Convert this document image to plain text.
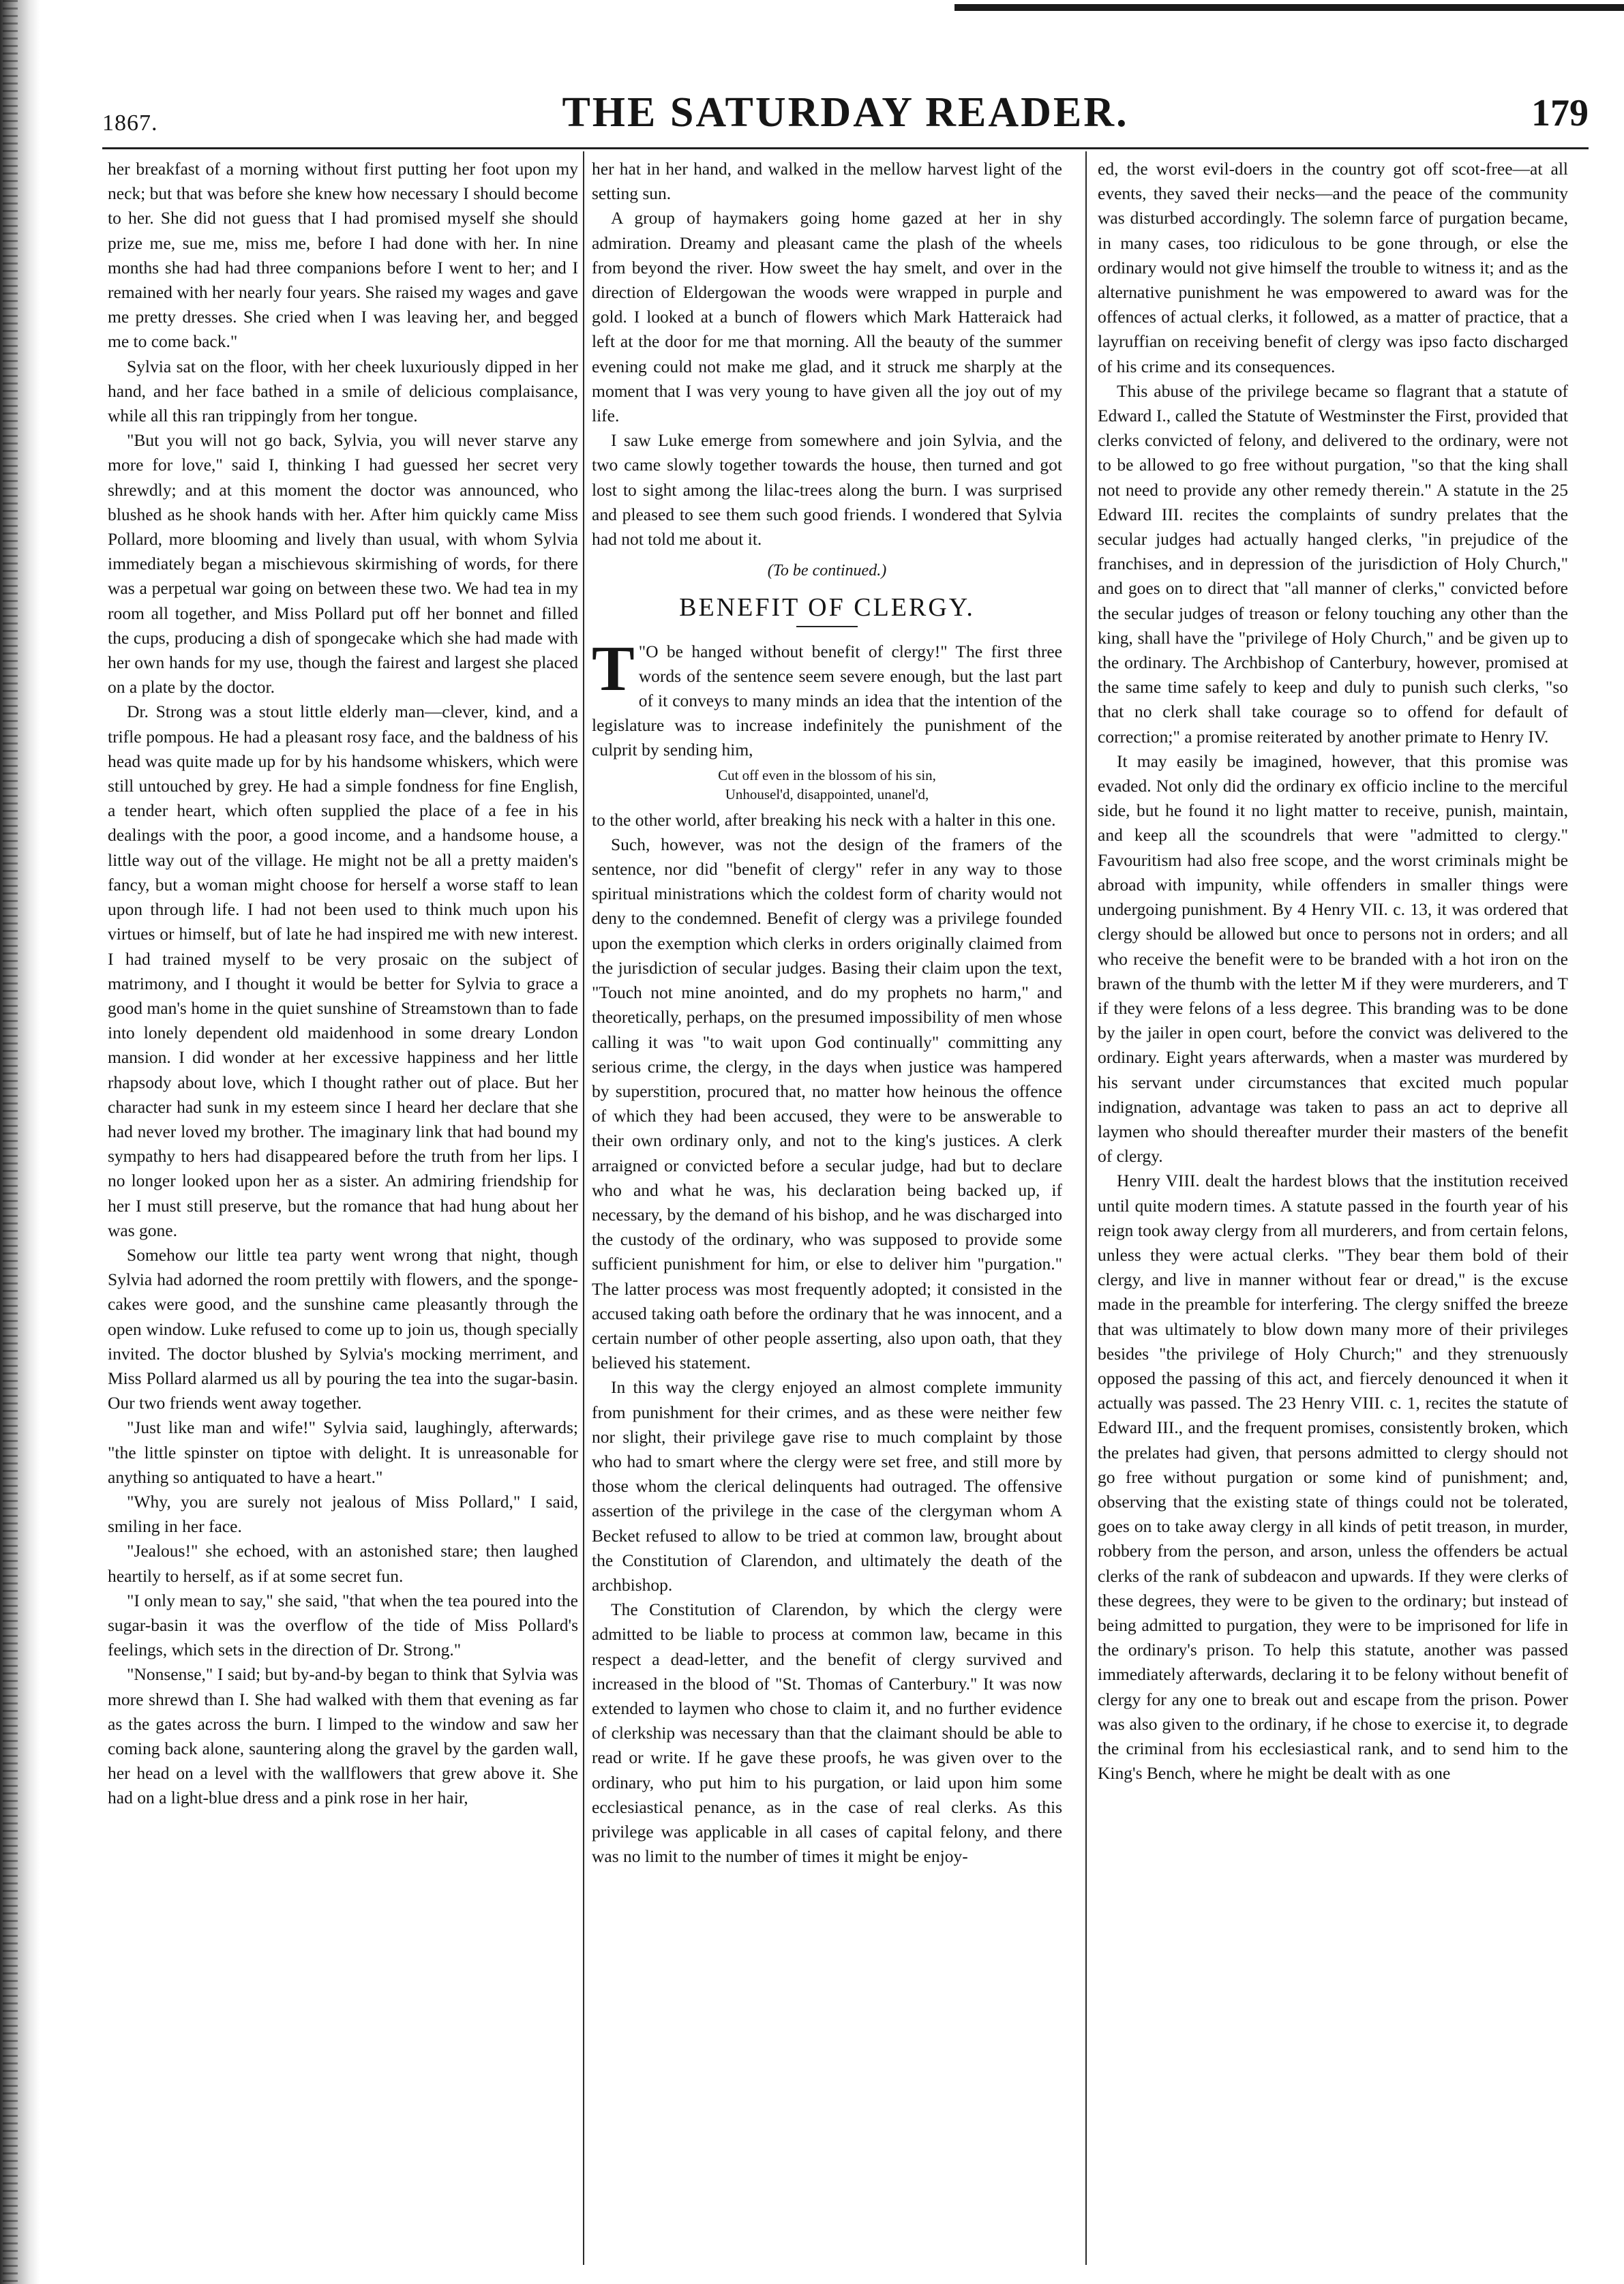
1867.	THE SATURDAY READER.	179

her breakfast of a morning without first putting her foot upon my neck; but that was before she knew how necessary I should become to her. She did not guess that I had promised myself she should prize me, sue me, miss me, before I had done with her. In nine months she had had three companions before I went to her; and I remained with her nearly four years. She raised my wages and gave me pretty dresses. She cried when I was leaving her, and begged me to come back."

Sylvia sat on the floor, with her cheek luxuriously dipped in her hand, and her face bathed in a smile of delicious complaisance, while all this ran trippingly from her tongue.

"But you will not go back, Sylvia, you will never starve any more for love," said I, thinking I had guessed her secret very shrewdly; and at this moment the doctor was announced, who blushed as he shook hands with her. After him quickly came Miss Pollard, more blooming and lively than usual, with whom Sylvia immediately began a mischievous skirmishing of words, for there was a perpetual war going on between these two. We had tea in my room all together, and Miss Pollard put off her bonnet and filled the cups, producing a dish of spongecake which she had made with her own hands for my use, though the fairest and largest she placed on a plate by the doctor.

Dr. Strong was a stout little elderly man—clever, kind, and a trifle pompous. He had a pleasant rosy face, and the baldness of his head was quite made up for by his handsome whiskers, which were still untouched by grey. He had a simple fondness for fine English, a tender heart, which often supplied the place of a fee in his dealings with the poor, a good income, and a handsome house, a little way out of the village. He might not be all a pretty maiden's fancy, but a woman might choose for herself a worse staff to lean upon through life. I had not been used to think much upon his virtues or himself, but of late he had inspired me with new interest. I had trained myself to be very prosaic on the subject of matrimony, and I thought it would be better for Sylvia to grace a good man's home in the quiet sunshine of Streamstown than to fade into lonely dependent old maidenhood in some dreary London mansion. I did wonder at her excessive happiness and her little rhapsody about love, which I thought rather out of place. But her character had sunk in my esteem since I heard her declare that she had never loved my brother. The imaginary link that had bound my sympathy to hers had disappeared before the truth from her lips. I no longer looked upon her as a sister. An admiring friendship for her I must still preserve, but the romance that had hung about her was gone.

Somehow our little tea party went wrong that night, though Sylvia had adorned the room prettily with flowers, and the sponge-cakes were good, and the sunshine came pleasantly through the open window. Luke refused to come up to join us, though specially invited. The doctor blushed by Sylvia's mocking merriment, and Miss Pollard alarmed us all by pouring the tea into the sugar-basin. Our two friends went away together.

"Just like man and wife!" Sylvia said, laughingly, afterwards; "the little spinster on tiptoe with delight. It is unreasonable for anything so antiquated to have a heart."

"Why, you are surely not jealous of Miss Pollard," I said, smiling in her face.

"Jealous!" she echoed, with an astonished stare; then laughed heartily to herself, as if at some secret fun.

"I only mean to say," she said, "that when the tea poured into the sugar-basin it was the overflow of the tide of Miss Pollard's feelings, which sets in the direction of Dr. Strong."

"Nonsense," I said; but by-and-by began to think that Sylvia was more shrewd than I. She had walked with them that evening as far as the gates across the burn. I limped to the window and saw her coming back alone, sauntering along the gravel by the garden wall, her head on a level with the wallflowers that grew above it. She had on a light-blue dress and a pink rose in her hair,

her hat in her hand, and walked in the mellow harvest light of the setting sun.

A group of haymakers going home gazed at her in shy admiration. Dreamy and pleasant came the plash of the wheels from beyond the river. How sweet the hay smelt, and over in the direction of Eldergowan the woods were wrapped in purple and gold. I looked at a bunch of flowers which Mark Hatteraick had left at the door for me that morning. All the beauty of the summer evening could not make me glad, and it struck me sharply at the moment that I was very young to have given all the joy out of my life.

I saw Luke emerge from somewhere and join Sylvia, and the two came slowly together towards the house, then turned and got lost to sight among the lilac-trees along the burn. I was surprised and pleased to see them such good friends. I wondered that Sylvia had not told me about it.

(To be continued.)
BENEFIT OF CLERGY.

T "O be hanged without benefit of clergy!" The first three words of the sentence seem severe enough, but the last part of it conveys to many minds an idea that the intention of the legislature was to increase indefinitely the punishment of the culprit by sending him,

Cut off even in the blossom of his sin,
Unhousel'd, disappointed, unanel'd,

to the other world, after breaking his neck with a halter in this one.

Such, however, was not the design of the framers of the sentence, nor did "benefit of clergy" refer in any way to those spiritual ministrations which the coldest form of charity would not deny to the condemned. Benefit of clergy was a privilege founded upon the exemption which clerks in orders originally claimed from the jurisdiction of secular judges. Basing their claim upon the text, "Touch not mine anointed, and do my prophets no harm," and theoretically, perhaps, on the presumed impossibility of men whose calling it was "to wait upon God continually" committing any serious crime, the clergy, in the days when justice was hampered by superstition, procured that, no matter how heinous the offence of which they had been accused, they were to be answerable to their own ordinary only, and not to the king's justices. A clerk arraigned or convicted before a secular judge, had but to declare who and what he was, his declaration being backed up, if necessary, by the demand of his bishop, and he was discharged into the custody of the ordinary, who was supposed to provide some sufficient punishment for him, or else to deliver him "purgation." The latter process was most frequently adopted; it consisted in the accused taking oath before the ordinary that he was innocent, and a certain number of other people asserting, also upon oath, that they believed his statement.

In this way the clergy enjoyed an almost complete immunity from punishment for their crimes, and as these were neither few nor slight, their privilege gave rise to much complaint by those who had to smart where the clergy were set free, and still more by those whom the clerical delinquents had outraged. The offensive assertion of the privilege in the case of the clergyman whom A Becket refused to allow to be tried at common law, brought about the Constitution of Clarendon, and ultimately the death of the archbishop.

The Constitution of Clarendon, by which the clergy were admitted to be liable to process at common law, became in this respect a dead-letter, and the benefit of clergy survived and increased in the blood of "St. Thomas of Canterbury." It was now extended to laymen who chose to claim it, and no further evidence of clerkship was necessary than that the claimant should be able to read or write. If he gave these proofs, he was given over to the ordinary, who put him to his purgation, or laid upon him some ecclesiastical penance, as in the case of real clerks. As this privilege was applicable in all cases of capital felony, and there was no limit to the number of times it might be enjoy-

ed, the worst evil-doers in the country got off scot-free—at all events, they saved their necks—and the peace of the community was disturbed accordingly. The solemn farce of purgation became, in many cases, too ridiculous to be gone through, or else the ordinary would not give himself the trouble to witness it; and as the alternative punishment he was empowered to award was for the offences of actual clerks, it followed, as a matter of practice, that a layruffian on receiving benefit of clergy was ipso facto discharged of his crime and its consequences.

This abuse of the privilege became so flagrant that a statute of Edward I., called the Statute of Westminster the First, provided that clerks convicted of felony, and delivered to the ordinary, were not to be allowed to go free without purgation, "so that the king shall not need to provide any other remedy therein." A statute in the 25 Edward III. recites the complaints of sundry prelates that the secular judges had actually hanged clerks, "in prejudice of the franchises, and in depression of the jurisdiction of Holy Church," and goes on to direct that "all manner of clerks," convicted before the secular judges of treason or felony touching any other than the king, shall have the "privilege of Holy Church," and be given up to the ordinary. The Archbishop of Canterbury, however, promised at the same time safely to keep and duly to punish such clerks, "so that no clerk shall take courage so to offend for default of correction;" a promise reiterated by another primate to Henry IV.

It may easily be imagined, however, that this promise was evaded. Not only did the ordinary ex officio incline to the merciful side, but he found it no light matter to receive, punish, maintain, and keep all the scoundrels that were "admitted to clergy." Favouritism had also free scope, and the worst criminals might be abroad with impunity, while offenders in smaller things were undergoing punishment. By 4 Henry VII. c. 13, it was ordered that clergy should be allowed but once to persons not in orders; and all who receive the benefit were to be branded with a hot iron on the brawn of the thumb with the letter M if they were murderers, and T if they were felons of a less degree. This branding was to be done by the jailer in open court, before the convict was delivered to the ordinary. Eight years afterwards, when a master was murdered by his servant under circumstances that excited much popular indignation, advantage was taken to pass an act to deprive all laymen who should thereafter murder their masters of the benefit of clergy.

Henry VIII. dealt the hardest blows that the institution received until quite modern times. A statute passed in the fourth year of his reign took away clergy from all murderers, and from certain felons, unless they were actual clerks. "They bear them bold of their clergy, and live in manner without fear or dread," is the excuse made in the preamble for interfering. The clergy sniffed the breeze that was ultimately to blow down many more of their privileges besides "the privilege of Holy Church;" and they strenuously opposed the passing of this act, and fiercely denounced it when it actually was passed. The 23 Henry VIII. c. 1, recites the statute of Edward III., and the frequent promises, consistently broken, which the prelates had given, that persons admitted to clergy should not go free without purgation or some kind of punishment; and, observing that the existing state of things could not be tolerated, goes on to take away clergy in all kinds of petit treason, in murder, robbery from the person, and arson, unless the offenders be actual clerks of the rank of subdeacon and upwards. If they were clerks of these degrees, they were to be given to the ordinary; but instead of being admitted to purgation, they were to be imprisoned for life in the ordinary's prison. To help this statute, another was passed immediately afterwards, declaring it to be felony without benefit of clergy for any one to break out and escape from the prison. Power was also given to the ordinary, if he chose to exercise it, to degrade the criminal from his ecclesiastical rank, and to send him to the King's Bench, where he might be dealt with as one
